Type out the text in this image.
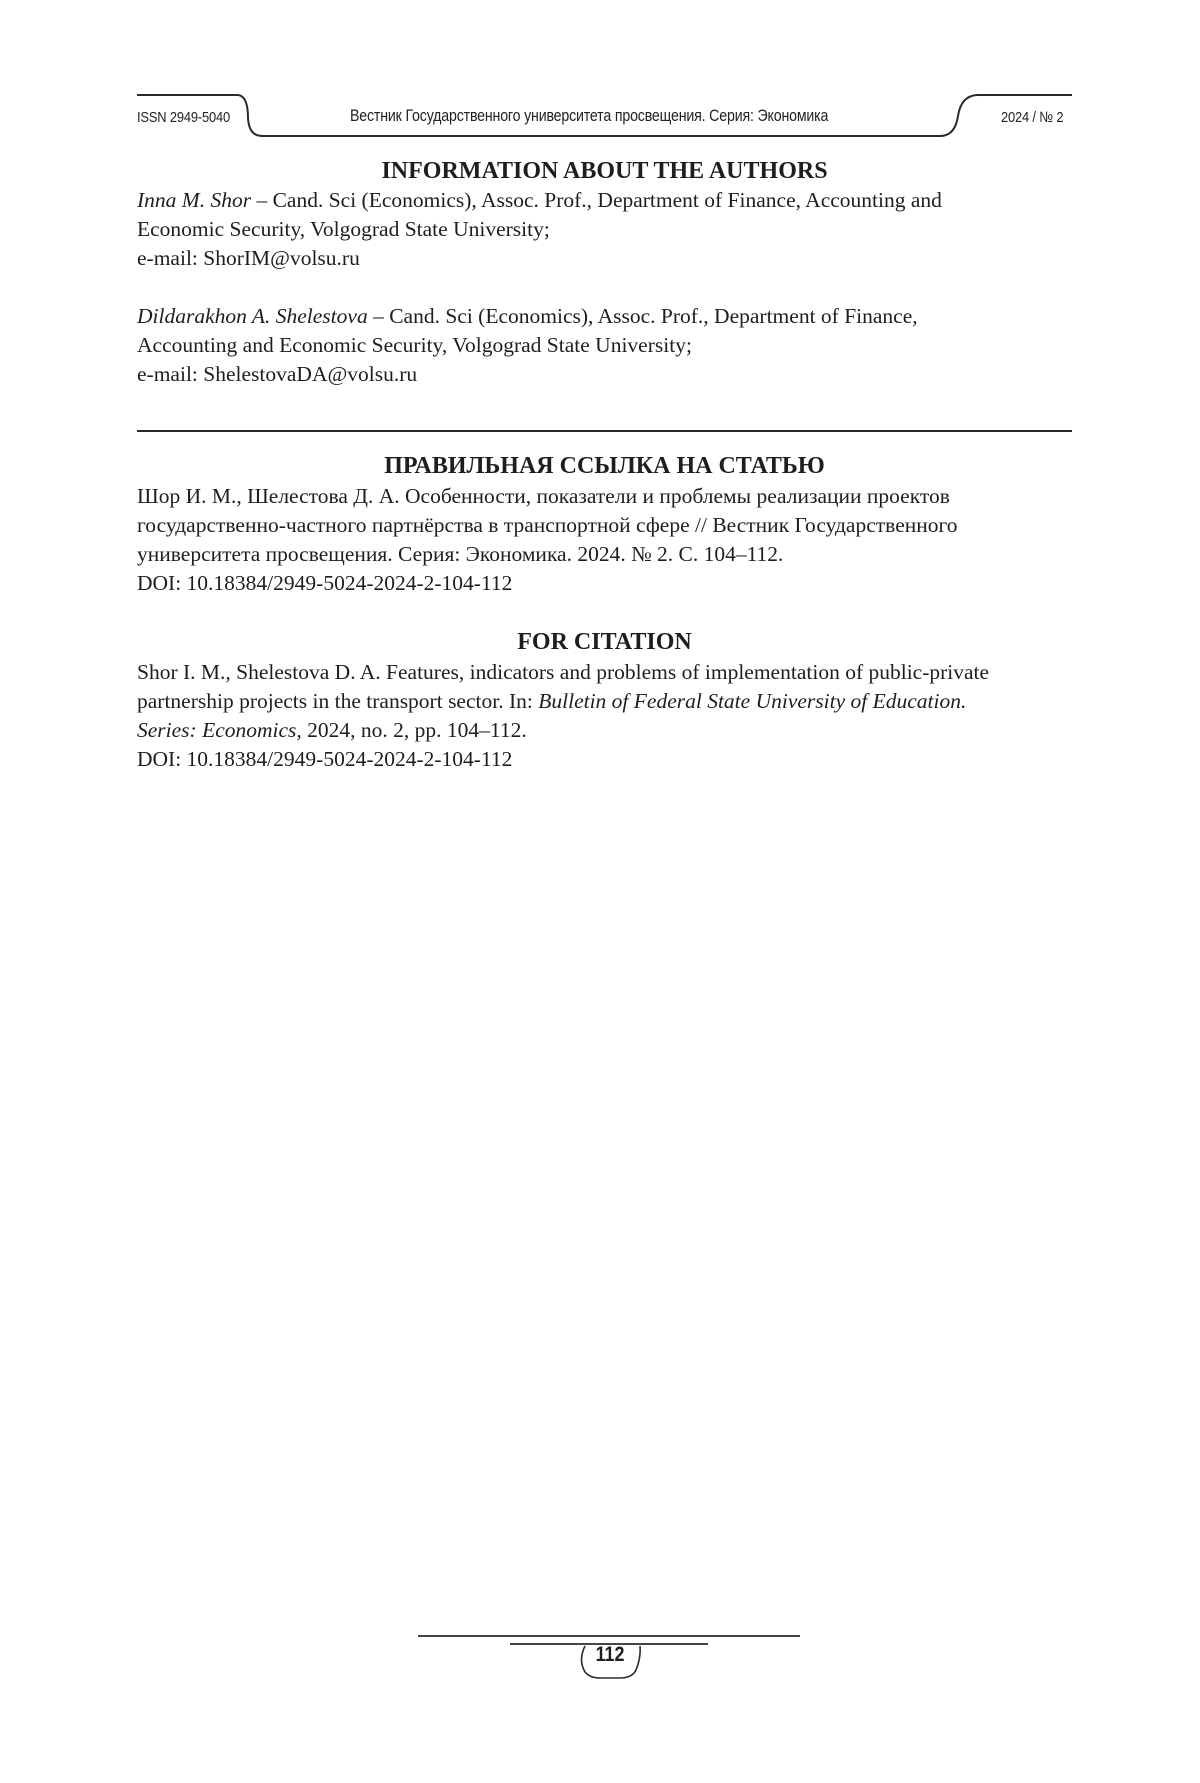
ISSN 2949-5040	Вестник Государственного университета просвещения. Серия: Экономика	2024 / № 2
INFORMATION ABOUT THE AUTHORS
Inna M. Shor – Cand. Sci (Economics), Assoc. Prof., Department of Finance, Accounting and
Economic Security, Volgograd State University;
e-mail: ShorIM@volsu.ru
Dildarakhon A. Shelestova – Cand. Sci (Economics), Assoc. Prof., Department of Finance,
Accounting and Economic Security, Volgograd State University;
e-mail: ShelestovaDA@volsu.ru
ПРАВИЛЬНАЯ ССЫЛКА НА СТАТЬЮ
Шор И. М., Шелестова Д. А. Особенности, показатели и проблемы реализации проектов
государственно-частного партнёрства в транспортной сфере // Вестник Государственного
университета просвещения. Серия: Экономика. 2024. № 2. С. 104–112.
DOI: 10.18384/2949-5024-2024-2-104-112
FOR CITATION
Shor I. M., Shelestova D. A. Features, indicators and problems of implementation of public-private
partnership projects in the transport sector. In: Bulletin of Federal State University of Education.
Series: Economics, 2024, no. 2, pp. 104–112.
DOI: 10.18384/2949-5024-2024-2-104-112
112
